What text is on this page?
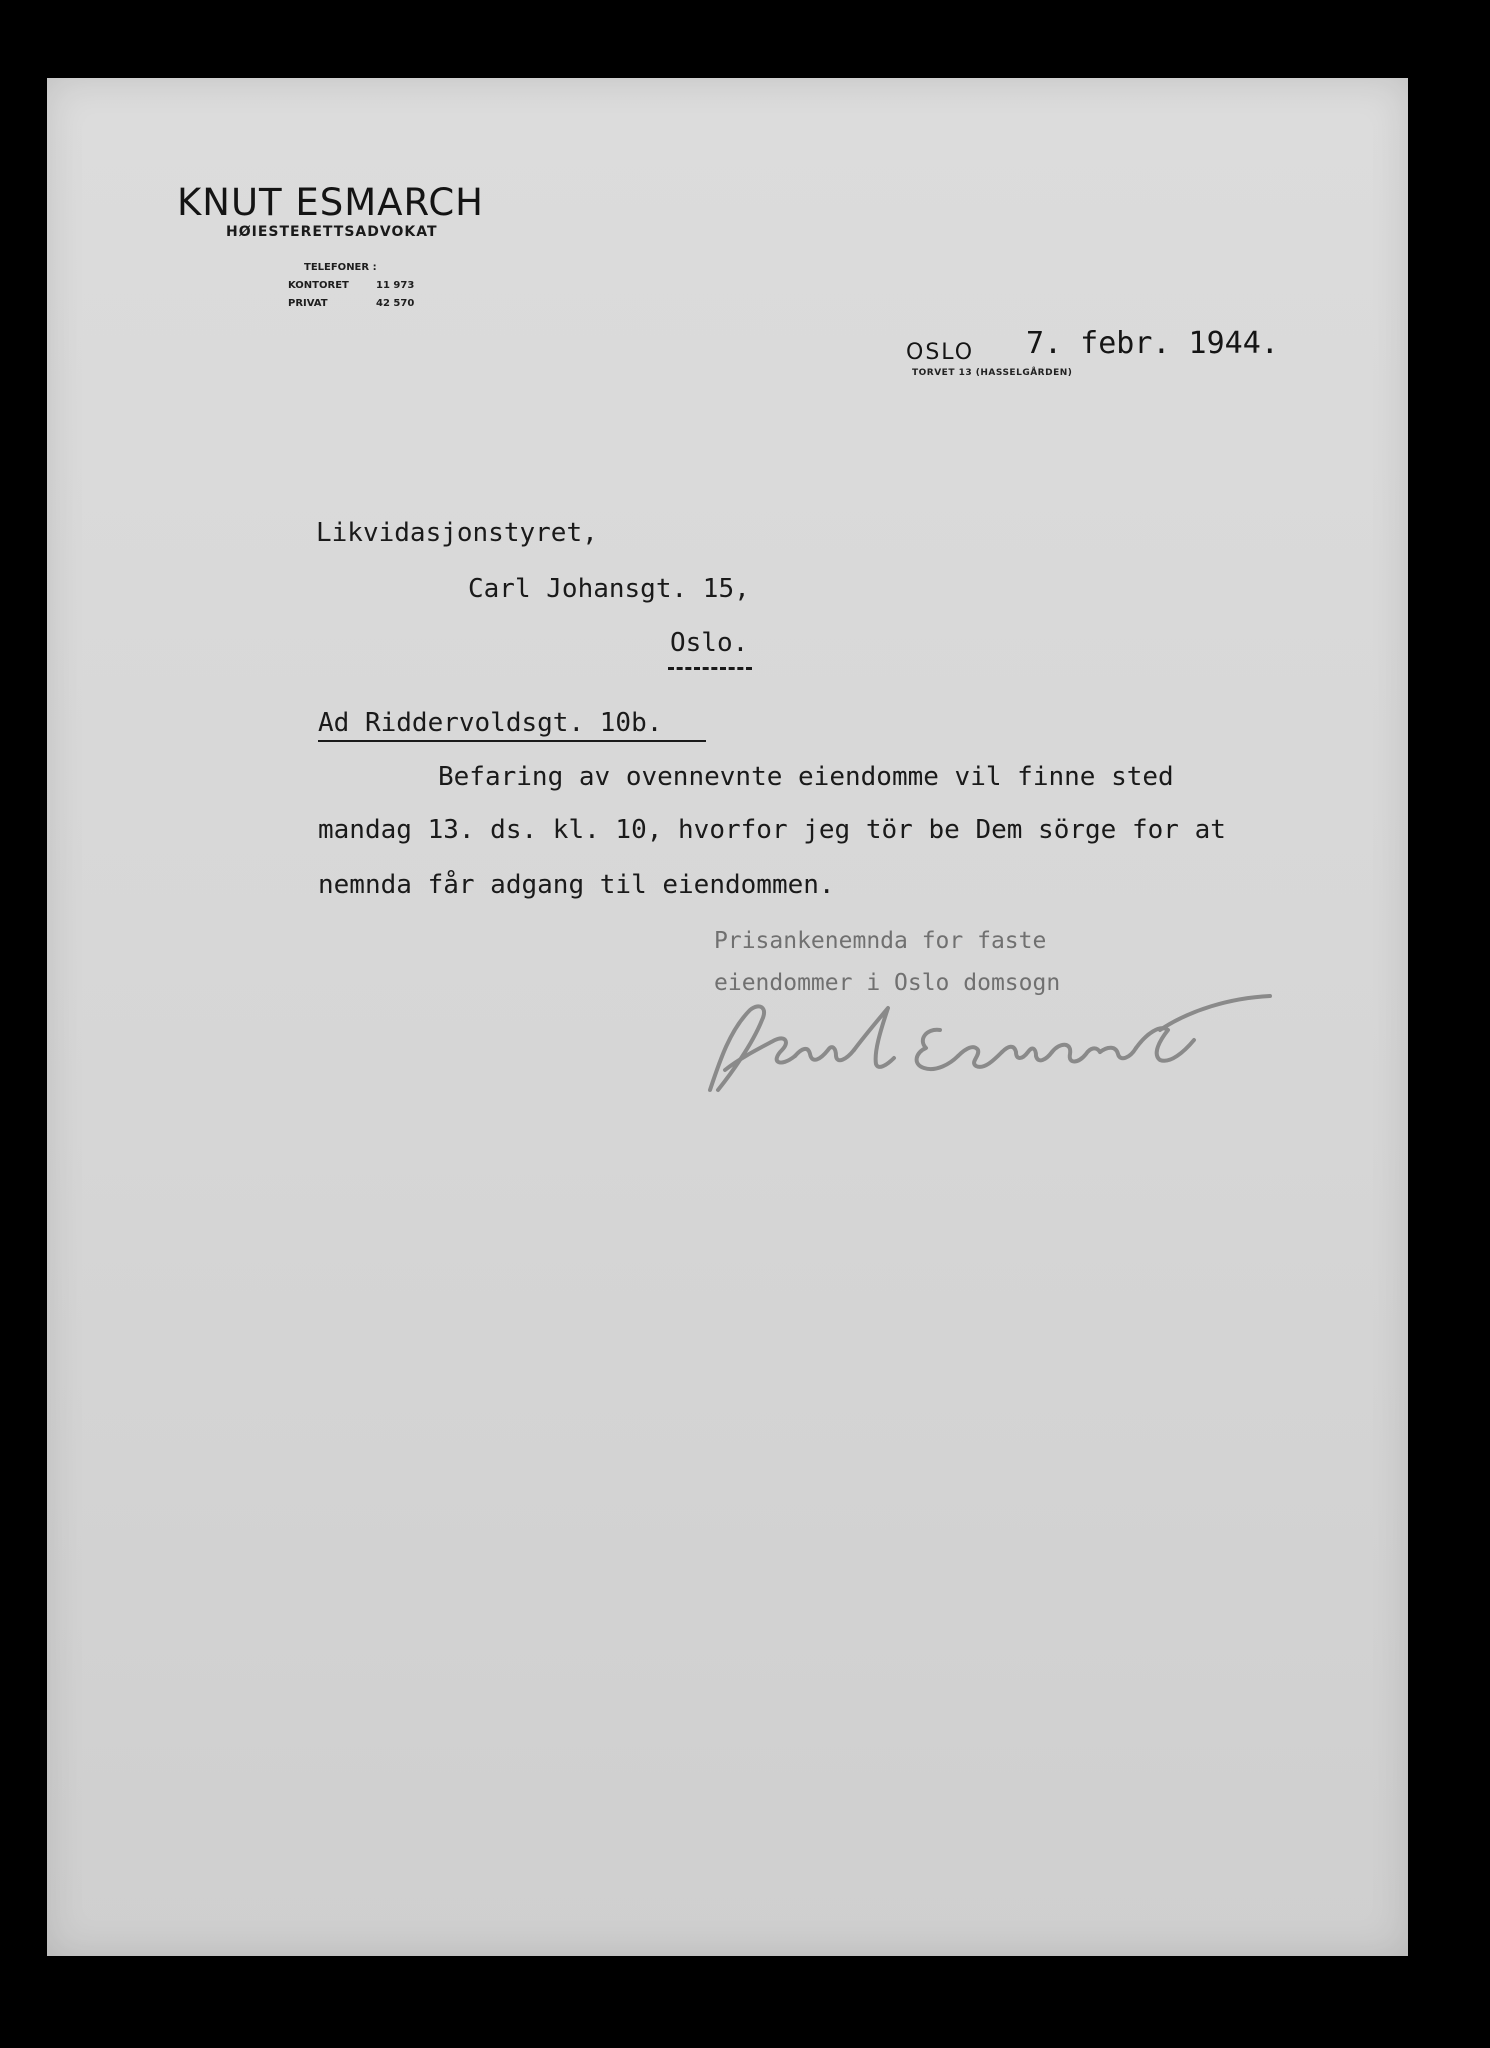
KNUT ESMARCH
HØIESTERETTSADVOKAT
TELEFONER :
KONTORET	11 973
PRIVAT	42 570
OSLO 7. febr. 1944.
TORVET 13 (HASSELGÅRDEN)
Likvidasjonstyret,
Carl Johansgt. 15,
Oslo.
Ad Riddervoldsgt. 10b.
Befaring av ovennevnte eiendomme vil finne sted
mandag 13. ds. kl. 10, hvorfor jeg tör be Dem sörge for at
nemnda får adgang til eiendommen.
Prisankenemnda for faste
eiendommer i Oslo domsogn
